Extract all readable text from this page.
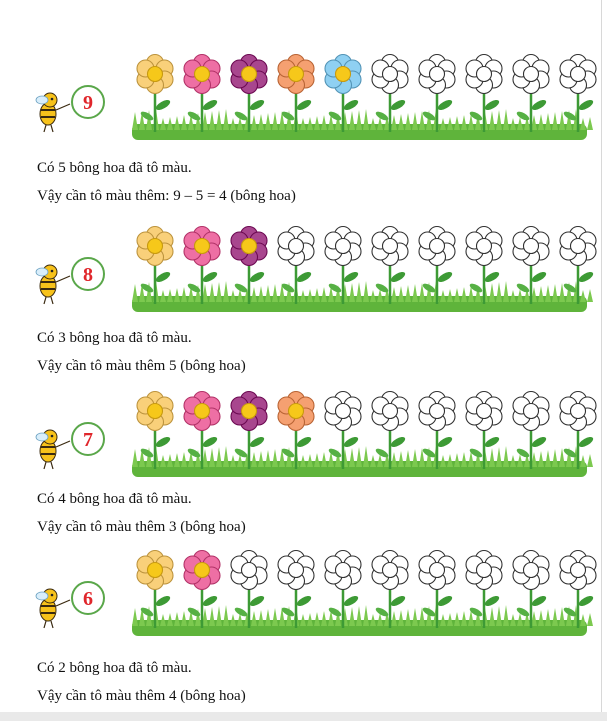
9
Có 5 bông hoa đã tô màu.
Vậy cần tô màu thêm: 9 – 5 = 4 (bông hoa)
8
Có 3 bông hoa đã tô màu.
Vậy cần tô màu thêm 5 (bông hoa)
7
Có 4 bông hoa đã tô màu.
Vậy cần tô màu thêm 3 (bông hoa)
6
Có 2 bông hoa đã tô màu.
Vậy cần tô màu thêm 4 (bông hoa)
